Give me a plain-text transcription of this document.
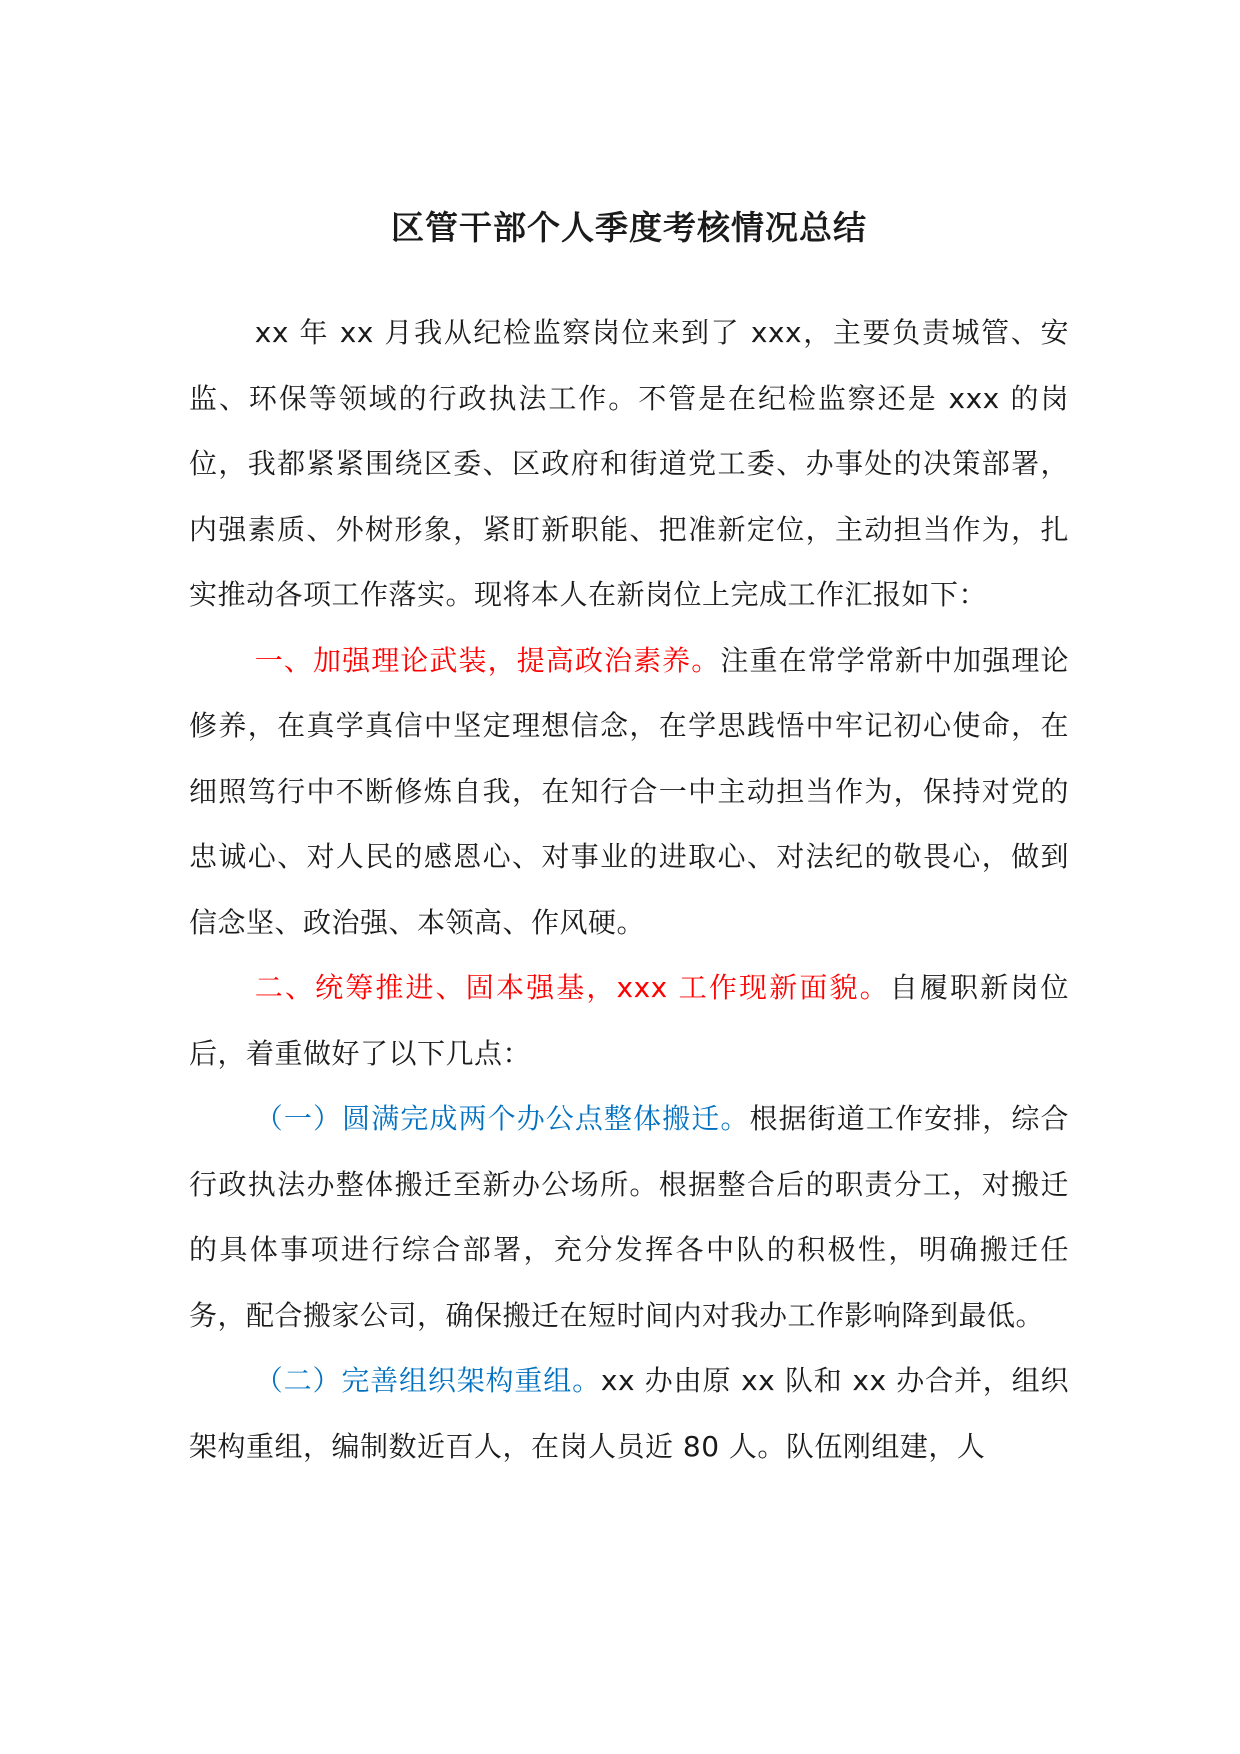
区管干部个人季度考核情况总结

xx 年 xx 月我从纪检监察岗位来到了 xxx，主要负责城管、安监、环保等领域的行政执法工作。不管是在纪检监察还是 xxx 的岗位，我都紧紧围绕区委、区政府和街道党工委、办事处的决策部署，内强素质、外树形象，紧盯新职能、把准新定位，主动担当作为，扎实推动各项工作落实。现将本人在新岗位上完成工作汇报如下：

一、加强理论武装，提高政治素养。注重在常学常新中加强理论修养，在真学真信中坚定理想信念，在学思践悟中牢记初心使命，在细照笃行中不断修炼自我，在知行合一中主动担当作为，保持对党的忠诚心、对人民的感恩心、对事业的进取心、对法纪的敬畏心，做到信念坚、政治强、本领高、作风硬。

二、统筹推进、固本强基，xxx 工作现新面貌。自履职新岗位后，着重做好了以下几点：

（一）圆满完成两个办公点整体搬迁。根据街道工作安排，综合行政执法办整体搬迁至新办公场所。根据整合后的职责分工，对搬迁的具体事项进行综合部署，充分发挥各中队的积极性，明确搬迁任务，配合搬家公司，确保搬迁在短时间内对我办工作影响降到最低。

（二）完善组织架构重组。xx 办由原 xx 队和 xx 办合并，组织架构重组，编制数近百人，在岗人员近 80 人。队伍刚组建，人
